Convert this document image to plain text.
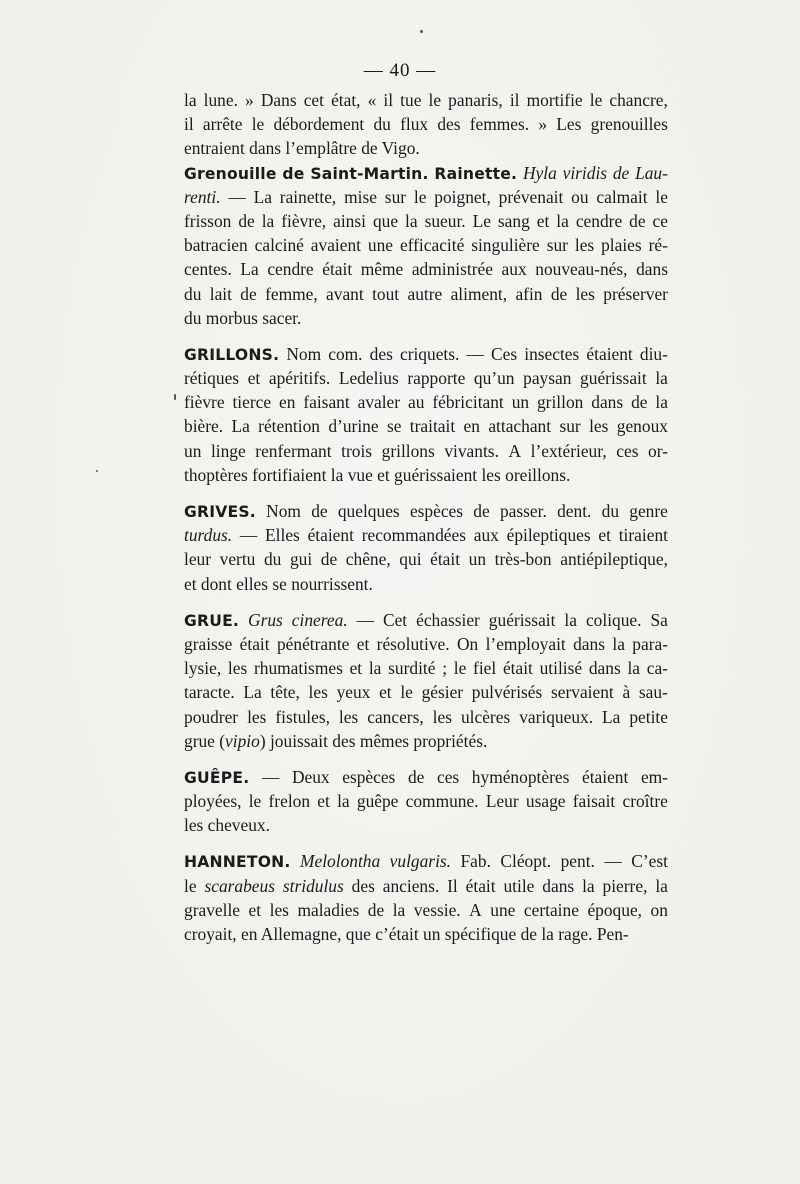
— 40 —
la lune. » Dans cet état, « il tue le panaris, il mortifie le chancre,
il arrête le débordement du flux des femmes. » Les grenouilles
entraient dans l’emplâtre de Vigo.
Grenouille de Saint-Martin. Rainette. Hyla viridis de Lau-
renti. — La rainette, mise sur le poignet, prévenait ou calmait le
frisson de la fièvre, ainsi que la sueur. Le sang et la cendre de ce
batracien calciné avaient une efficacité singulière sur les plaies ré-
centes. La cendre était même administrée aux nouveau-nés, dans
du lait de femme, avant tout autre aliment, afin de les préserver
du morbus sacer.
GRILLONS. Nom com. des criquets. — Ces insectes étaient diu-
rétiques et apéritifs. Ledelius rapporte qu’un paysan guérissait la
fièvre tierce en faisant avaler au fébricitant un grillon dans de la
bière. La rétention d’urine se traitait en attachant sur les genoux
un linge renfermant trois grillons vivants. A l’extérieur, ces or-
thoptères fortifiaient la vue et guérissaient les oreillons.
GRIVES. Nom de quelques espèces de passer. dent. du genre
turdus. — Elles étaient recommandées aux épileptiques et tiraient
leur vertu du gui de chêne, qui était un très-bon antiépileptique,
et dont elles se nourrissent.
GRUE. Grus cinerea. — Cet échassier guérissait la colique. Sa
graisse était pénétrante et résolutive. On l’employait dans la para-
lysie, les rhumatismes et la surdité ; le fiel était utilisé dans la ca-
taracte. La tête, les yeux et le gésier pulvérisés servaient à sau-
poudrer les fistules, les cancers, les ulcères variqueux. La petite
grue ( vipio ) jouissait des mêmes propriétés.
GUÊPE. — Deux espèces de ces hyménoptères étaient em-
ployées, le frelon et la guêpe commune. Leur usage faisait croître
les cheveux.
HANNETON. Melolontha vulgaris. Fab. Cléopt. pent. — C’est
le scarabeus stridulus des anciens. Il était utile dans la pierre, la
gravelle et les maladies de la vessie. A une certaine époque, on
croyait, en Allemagne, que c’était un spécifique de la rage. Pen-
